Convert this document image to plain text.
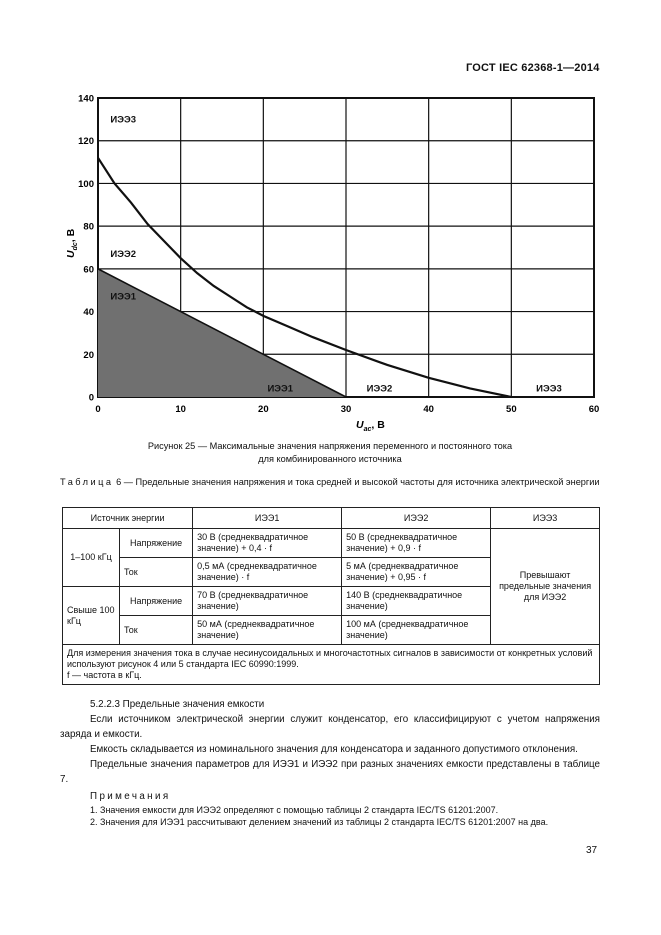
ГОСТ IEC 62368-1—2014
0	10	20	30	40	50	60
0
20
40
60
80
100
120
140
ИЭЭ3
ИЭЭ2
ИЭЭ1
ИЭЭ1	ИЭЭ2	ИЭЭ3
$U_{ac}$, В
$U_{dc}$, В
Рисунок 25 — Максимальные значения напряжения переменного и постоянного тока
для комбинированного источника
Таблица 6 — Предельные значения напряжения и тока средней и высокой частоты для источника электрической энергии
Источник энергии		ИЭЭ1	ИЭЭ2	ИЭЭ3
1–100 кГц	Напряжение	30 В (среднеквадратичное значение) + 0,4 · f	50 В (среднеквадратичное значение) + 0,9 · f	Превышают предельные значения для ИЭЭ2
	Ток	0,5 мА (среднеквадратичное значение) · f	5 мА (среднеквадратичное значение) + 0,95 · f	
Свыше 100 кГц	Напряжение	70 В (среднеквадратичное значение)	140 В (среднеквадратичное значение)	
	Ток	50 мА (среднеквадратичное значение)	100 мА (среднеквадратичное значение)	

Для измерения значения тока в случае несинусоидальных и многочастотных сигналов в зависимости от конкретных условий используют рисунок 4 или 5 стандарта IEC 60990:1999.
f — частота в кГц.				
5.2.2.3 Предельные значения емкости
Если источником электрической энергии служит конденсатор, его классифицируют с учетом напряжения заряда и емкости.
Емкость складывается из номинального значения для конденсатора и заданного допустимого отклонения.
Предельные значения параметров для ИЭЭ1 и ИЭЭ2 при разных значениях емкости представлены в таблице 7.
Примечания
1. Значения емкости для ИЭЭ2 определяют с помощью таблицы 2 стандарта IEC/TS 61201:2007.
2. Значения для ИЭЭ1 рассчитывают делением значений из таблицы 2 стандарта IEC/TS 61201:2007 на два.
37
